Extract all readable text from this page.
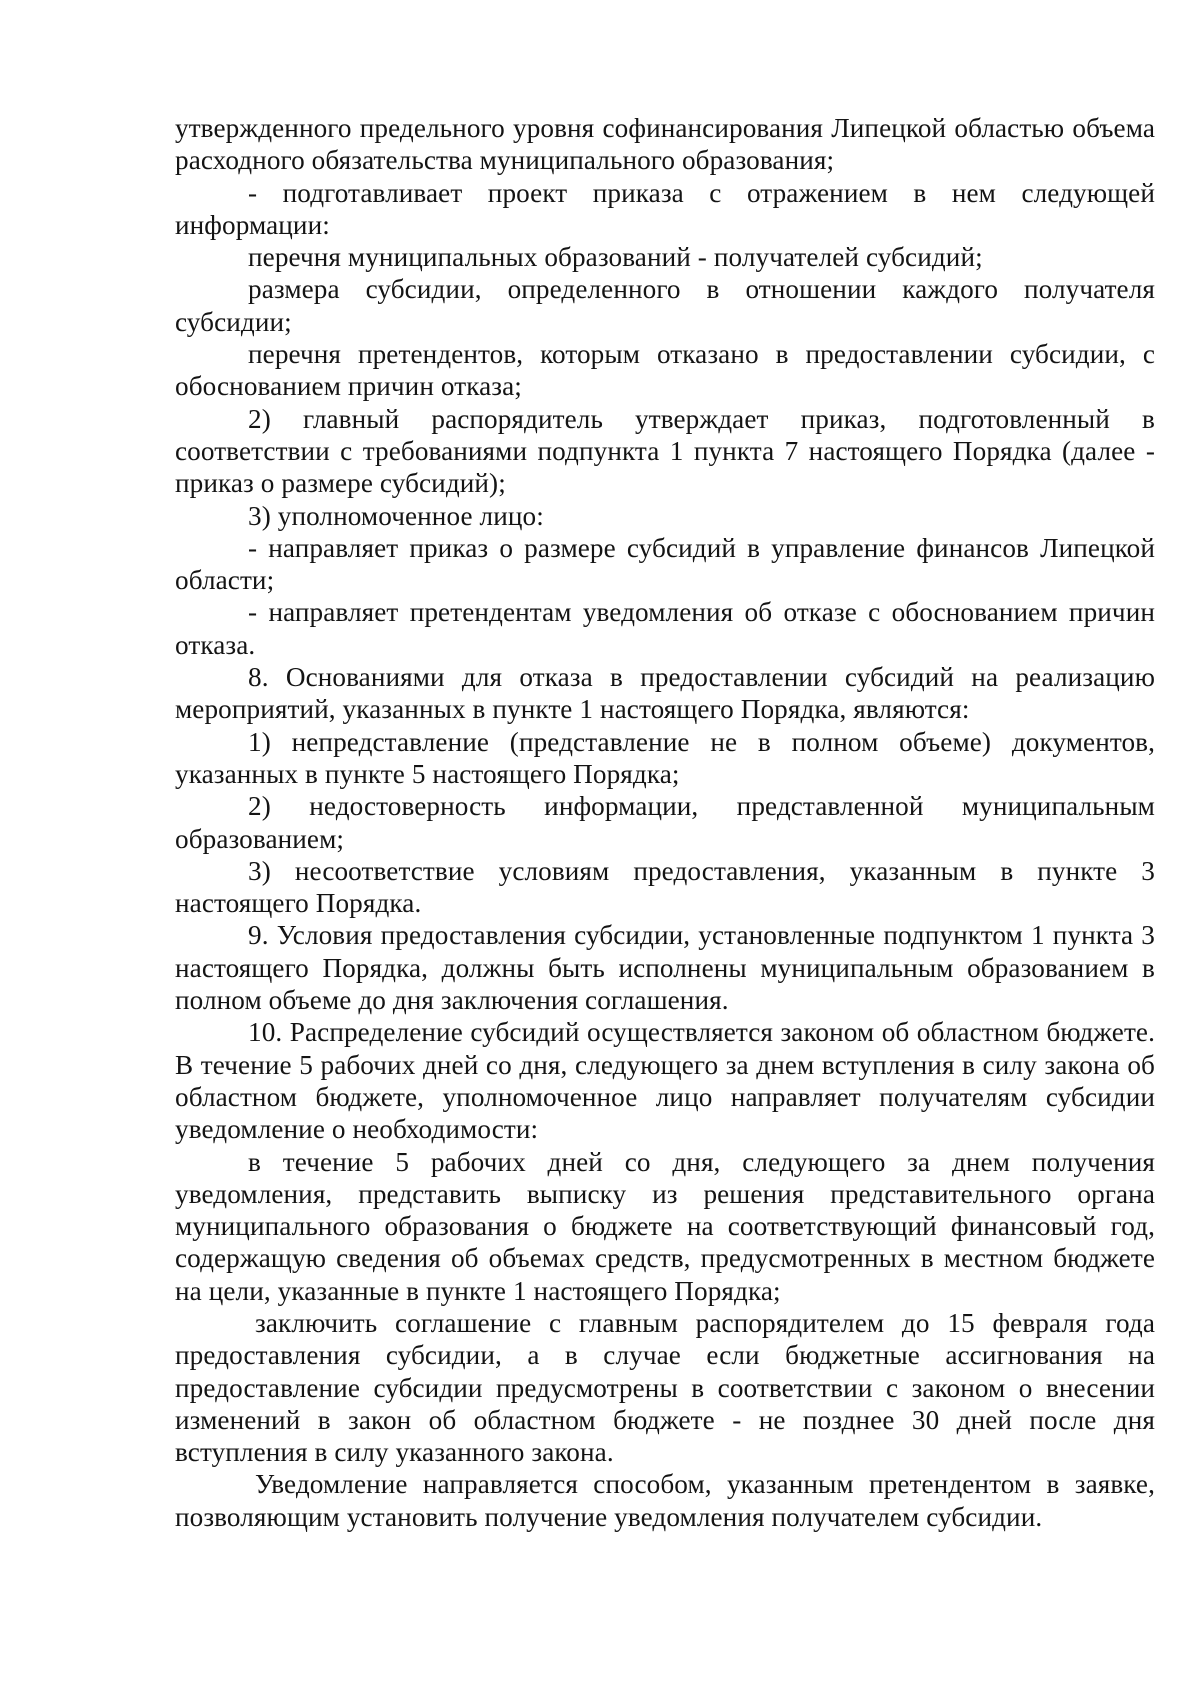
утвержденного предельного уровня софинансирования Липецкой областью объема расходного обязательства муниципального образования;

- подготавливает проект приказа с отражением в нем следующей информации:

перечня муниципальных образований - получателей субсидий;

размера субсидии, определенного в отношении каждого получателя субсидии;

перечня претендентов, которым отказано в предоставлении субсидии, с обоснованием причин отказа;

2) главный распорядитель утверждает приказ, подготовленный в соответствии с требованиями подпункта 1 пункта 7 настоящего Порядка (далее - приказ о размере субсидий);

3) уполномоченное лицо:

- направляет приказ о размере субсидий в управление финансов Липецкой области;

- направляет претендентам уведомления об отказе с обоснованием причин отказа.

8. Основаниями для отказа в предоставлении субсидий на реализацию мероприятий, указанных в пункте 1 настоящего Порядка, являются:

1) непредставление (представление не в полном объеме) документов, указанных в пункте 5 настоящего Порядка;

2) недостоверность информации, представленной муниципальным образованием;

3) несоответствие условиям предоставления, указанным в пункте 3 настоящего Порядка.

9. Условия предоставления субсидии, установленные подпунктом 1 пункта 3 настоящего Порядка, должны быть исполнены муниципальным образованием в полном объеме до дня заключения соглашения.

10. Распределение субсидий осуществляется законом об областном бюджете. В течение 5 рабочих дней со дня, следующего за днем вступления в силу закона об областном бюджете, уполномоченное лицо направляет получателям субсидии уведомление о необходимости:

в течение 5 рабочих дней со дня, следующего за днем получения уведомления, представить выписку из решения представительного органа муниципального образования о бюджете на соответствующий финансовый год, содержащую сведения об объемах средств, предусмотренных в местном бюджете на цели, указанные в пункте 1 настоящего Порядка;

заключить соглашение с главным распорядителем до 15 февраля года предоставления субсидии, а в случае если бюджетные ассигнования на предоставление субсидии предусмотрены в соответствии с законом о внесении изменений в закон об областном бюджете - не позднее 30 дней после дня вступления в силу указанного закона.

Уведомление направляется способом, указанным претендентом в заявке, позволяющим установить получение уведомления получателем субсидии.
